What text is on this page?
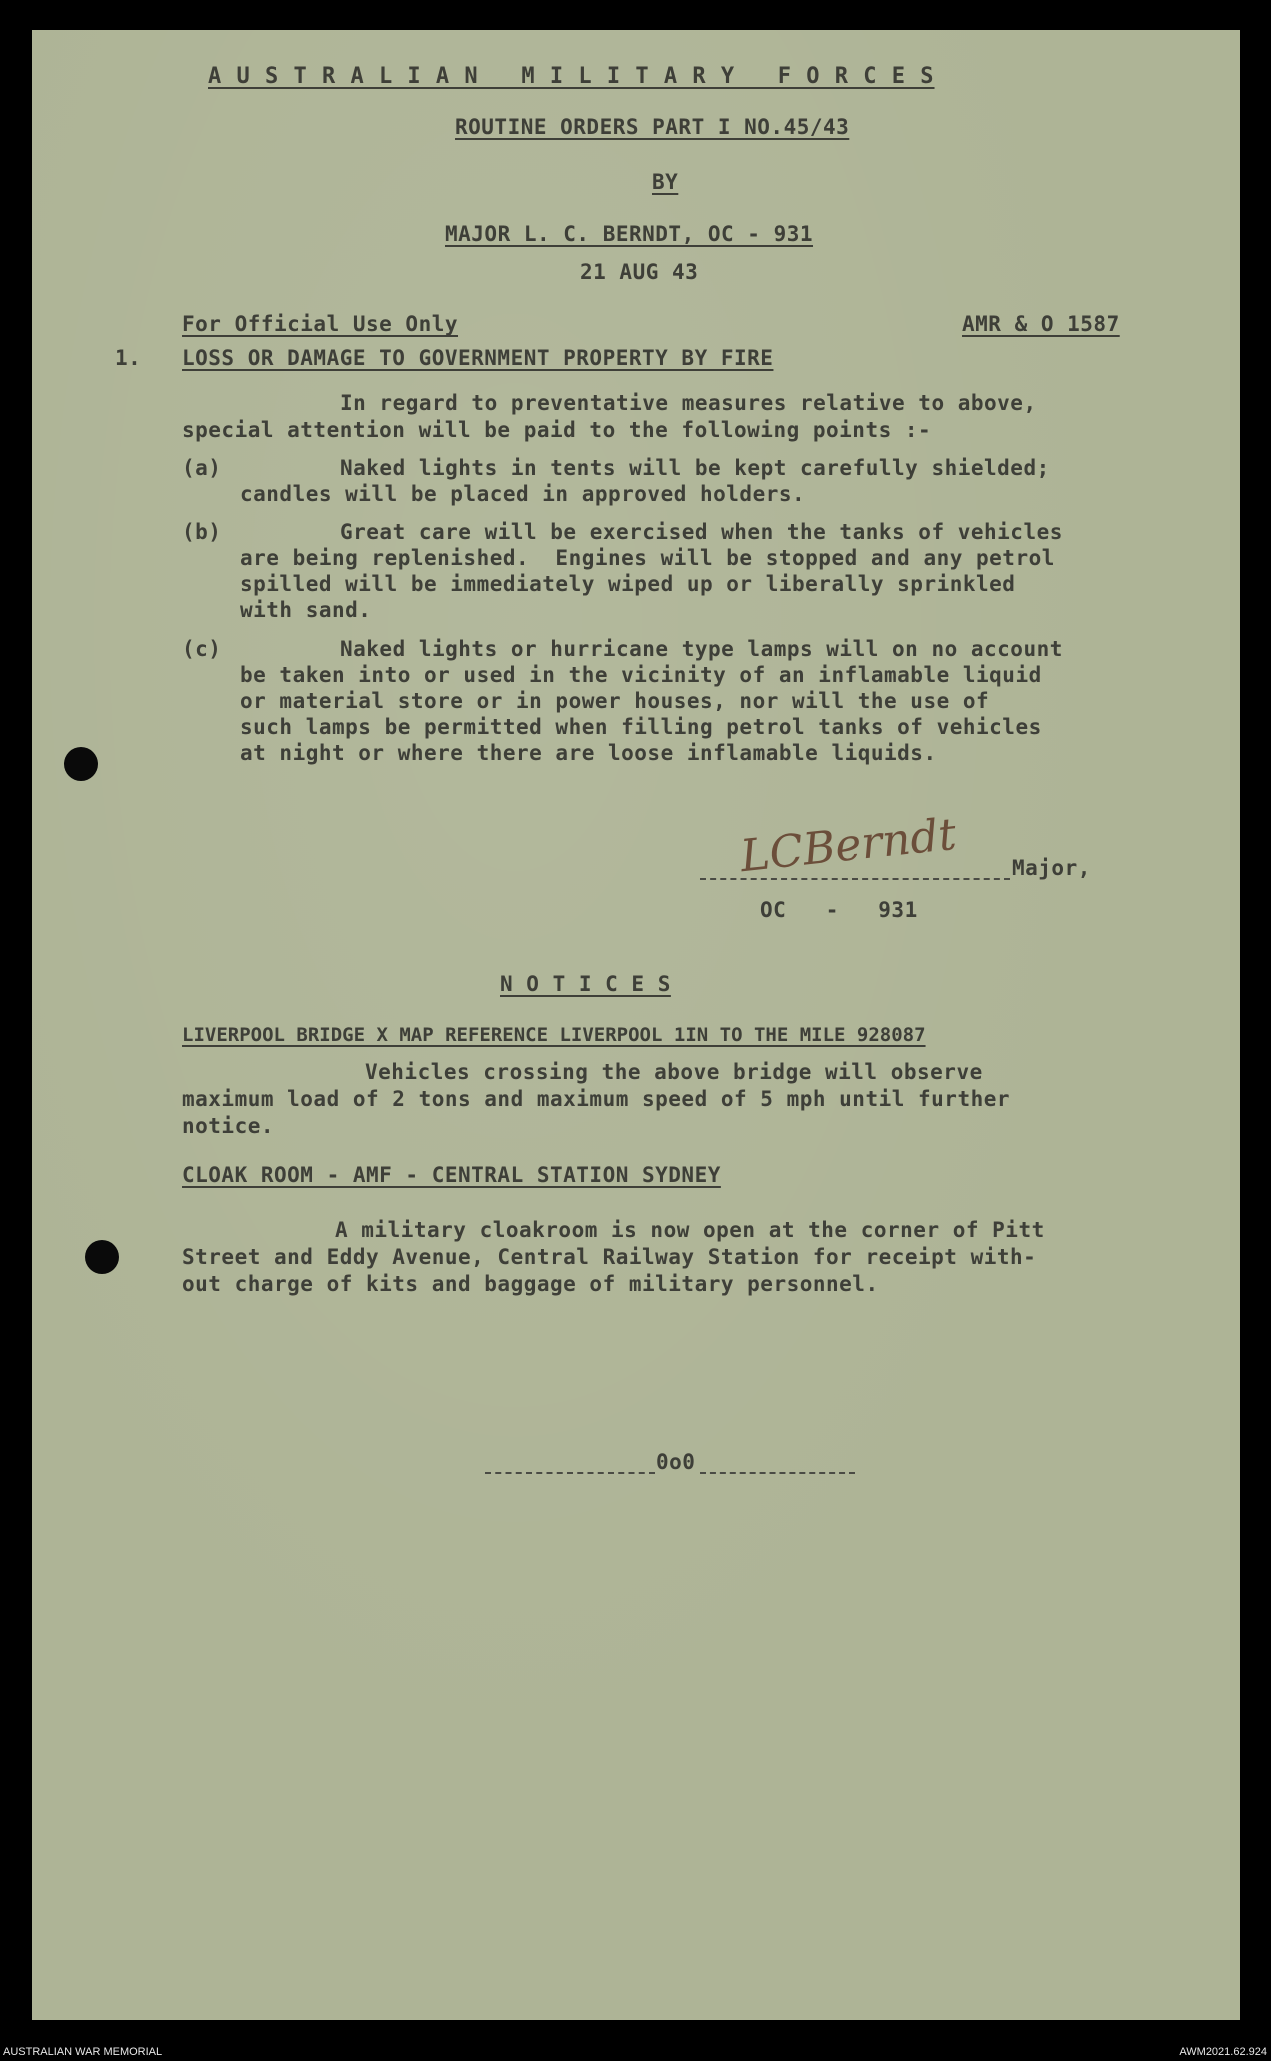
A U S T R A L I A N   M I L I T A R Y   F O R C E S
ROUTINE ORDERS PART I NO.45/43
BY
MAJOR L. C. BERNDT, OC - 931
21 AUG 43
For Official Use Only	AMR & O 1587
1. LOSS OR DAMAGE TO GOVERNMENT PROPERTY BY FIRE
In regard to preventative measures relative to above,
special attention will be paid to the following points :-
(a)	Naked lights in tents will be kept carefully shielded;
candles will be placed in approved holders.
(b)	Great care will be exercised when the tanks of vehicles
are being replenished.  Engines will be stopped and any petrol
spilled will be immediately wiped up or liberally sprinkled
with sand.
(c)	Naked lights or hurricane type lamps will on no account
be taken into or used in the vicinity of an inflamable liquid
or material store or in power houses, nor will the use of
such lamps be permitted when filling petrol tanks of vehicles
at night or where there are loose inflamable liquids.
LCBerndt	Major,
OC   -   931
N O T I C E S
LIVERPOOL BRIDGE X MAP REFERENCE LIVERPOOL 1IN TO THE MILE 928087
Vehicles crossing the above bridge will observe
maximum load of 2 tons and maximum speed of 5 mph until further
notice.
CLOAK ROOM - AMF - CENTRAL STATION SYDNEY
A military cloakroom is now open at the corner of Pitt
Street and Eddy Avenue, Central Railway Station for receipt with-
out charge of kits and baggage of military personnel.
0o0
AUSTRALIAN WAR MEMORIAL	AWM2021.62.924
